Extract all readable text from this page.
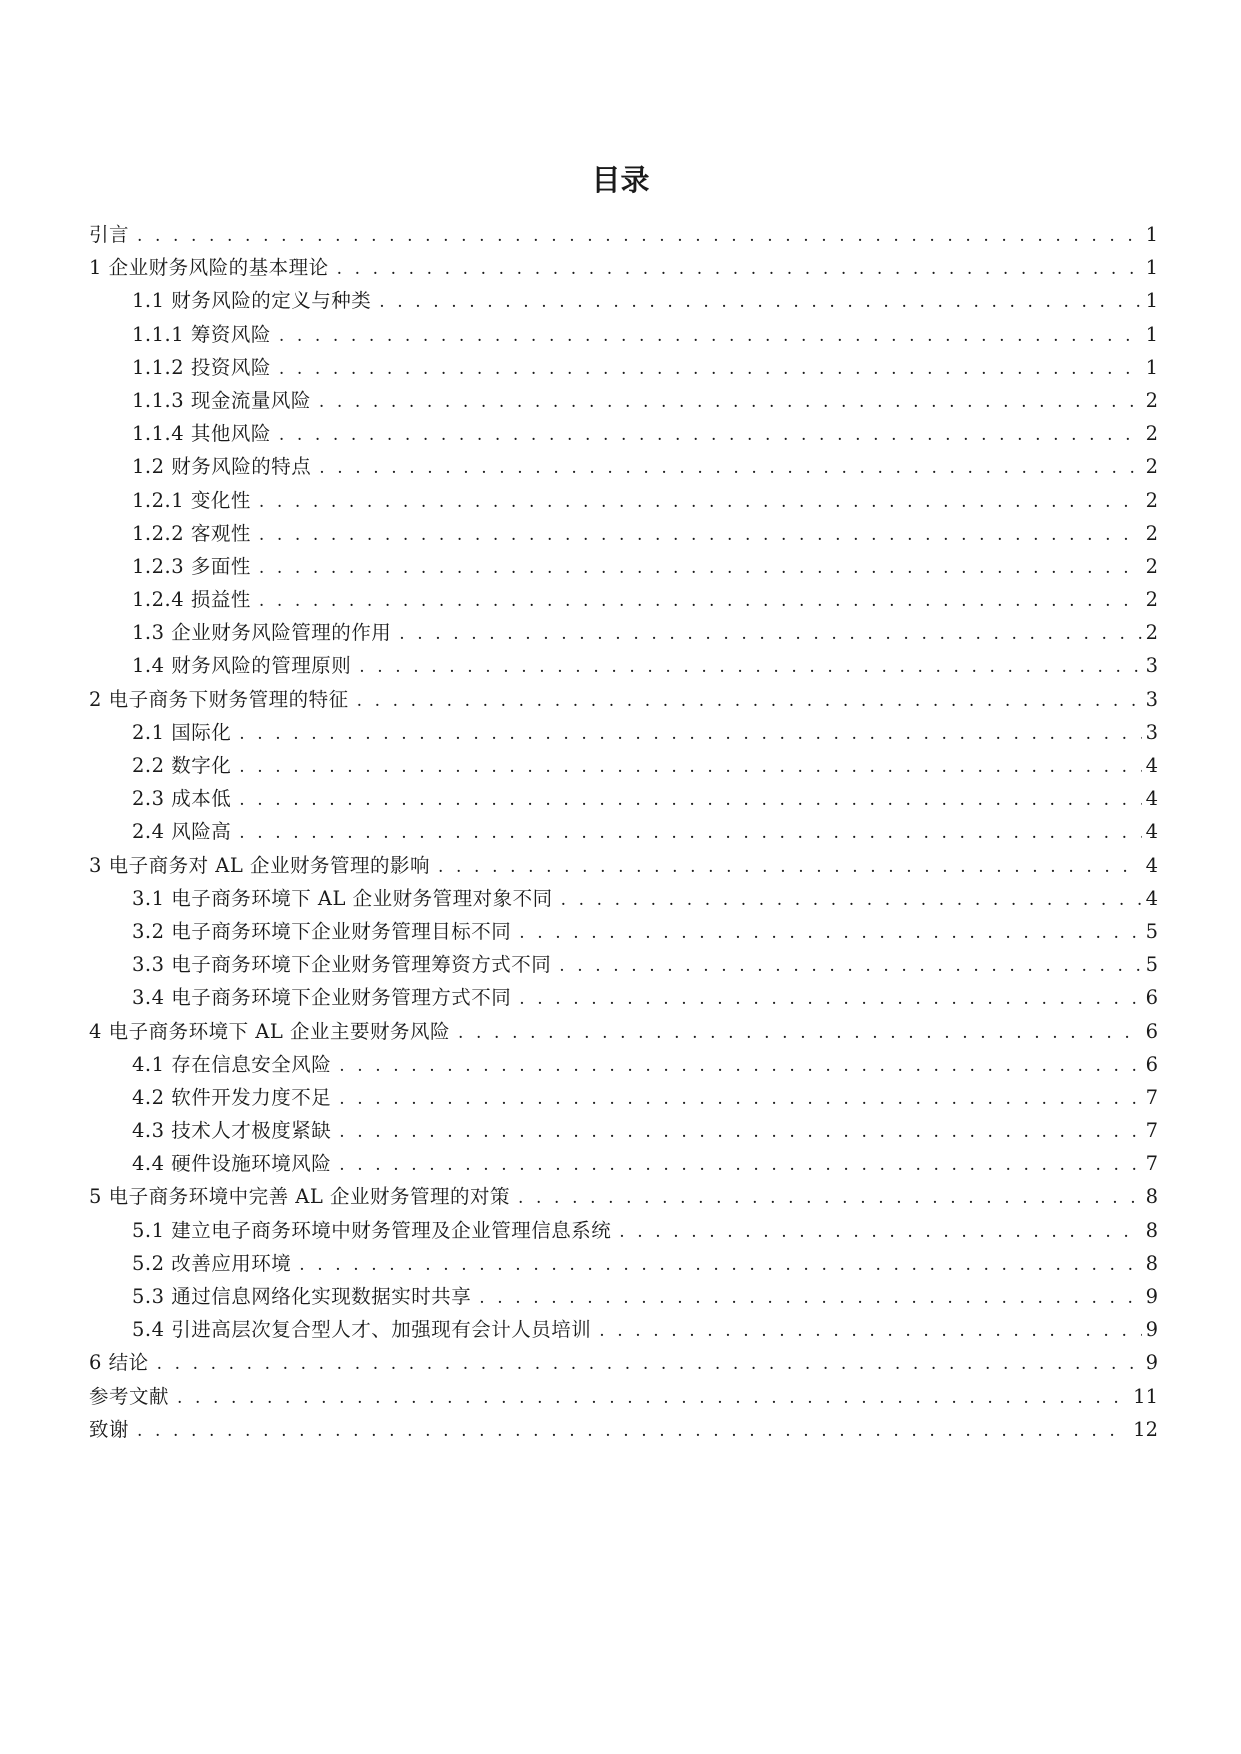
目录
引言 . . .	1
1 企业财务风险的基本理论 . . .	1
1.1 财务风险的定义与种类 . . .	1
1.1.1 筹资风险 . . .	1
1.1.2 投资风险 . . .	1
1.1.3 现金流量风险 . . .	2
1.1.4 其他风险 . . .	2
1.2 财务风险的特点 . . .	2
1.2.1 变化性 . . .	2
1.2.2 客观性 . . .	2
1.2.3 多面性 . . .	2
1.2.4 损益性 . . .	2
1.3 企业财务风险管理的作用 . . .	2
1.4 财务风险的管理原则 . . .	3
2 电子商务下财务管理的特征 . . .	3
2.1 国际化 . . .	3
2.2 数字化 . . .	4
2.3 成本低 . . .	4
2.4 风险高 . . .	4
3 电子商务对 AL 企业财务管理的影响 . . .	4
3.1 电子商务环境下 AL 企业财务管理对象不同 . . .	4
3.2 电子商务环境下企业财务管理目标不同 . . .	5
3.3 电子商务环境下企业财务管理筹资方式不同 . . .	5
3.4 电子商务环境下企业财务管理方式不同 . . .	6
4 电子商务环境下 AL 企业主要财务风险 . . .	6
4.1 存在信息安全风险 . . .	6
4.2 软件开发力度不足 . . .	7
4.3 技术人才极度紧缺 . . .	7
4.4 硬件设施环境风险 . . .	7
5 电子商务环境中完善 AL 企业财务管理的对策 . . .	8
5.1 建立电子商务环境中财务管理及企业管理信息系统 . . .	8
5.2 改善应用环境 . . .	8
5.3 通过信息网络化实现数据实时共享 . . .	9
5.4 引进高层次复合型人才、加强现有会计人员培训 . . .	9
6 结论 . . .	9
参考文献 . . .	11
致谢 . . .	12
